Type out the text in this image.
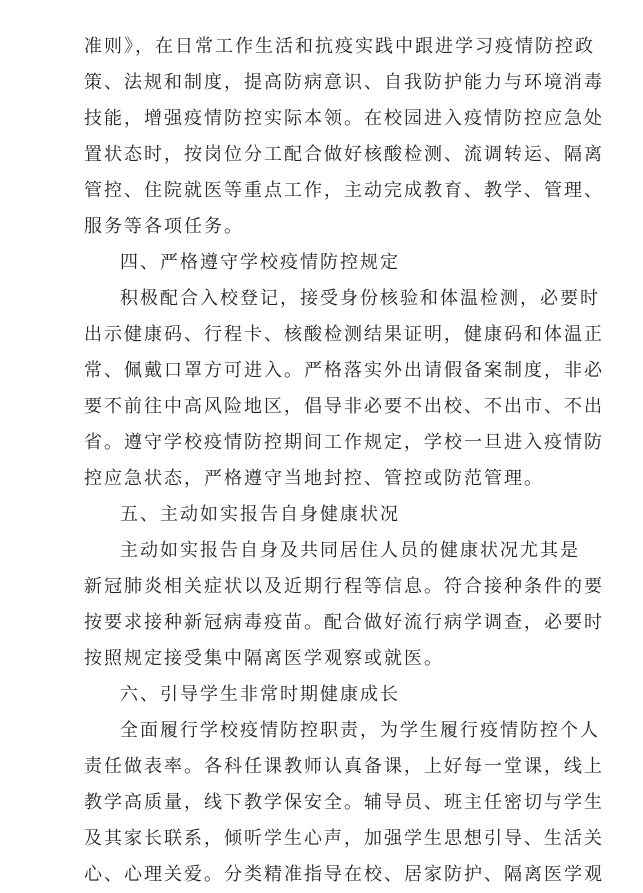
准则》，在日常工作生活和抗疫实践中跟进学习疫情防控政
策、法规和制度，提高防病意识、自我防护能力与环境消毒
技能，增强疫情防控实际本领。在校园进入疫情防控应急处
置状态时，按岗位分工配合做好核酸检测、流调转运、隔离
管控、住院就医等重点工作，主动完成教育、教学、管理、
服务等各项任务。
四、严格遵守学校疫情防控规定
积极配合入校登记，接受身份核验和体温检测，必要时
出示健康码、行程卡、核酸检测结果证明，健康码和体温正
常、佩戴口罩方可进入。严格落实外出请假备案制度，非必
要不前往中高风险地区，倡导非必要不出校、不出市、不出
省。遵守学校疫情防控期间工作规定，学校一旦进入疫情防
控应急状态，严格遵守当地封控、管控或防范管理。
五、主动如实报告自身健康状况
主动如实报告自身及共同居住人员的健康状况尤其是
新冠肺炎相关症状以及近期行程等信息。符合接种条件的要
按要求接种新冠病毒疫苗。配合做好流行病学调查，必要时
按照规定接受集中隔离医学观察或就医。
六、引导学生非常时期健康成长
全面履行学校疫情防控职责，为学生履行疫情防控个人
责任做表率。各科任课教师认真备课，上好每一堂课，线上
教学高质量，线下教学保安全。辅导员、班主任密切与学生
及其家长联系，倾听学生心声，加强学生思想引导、生活关
心、心理关爱。分类精准指导在校、居家防护、隔离医学观
